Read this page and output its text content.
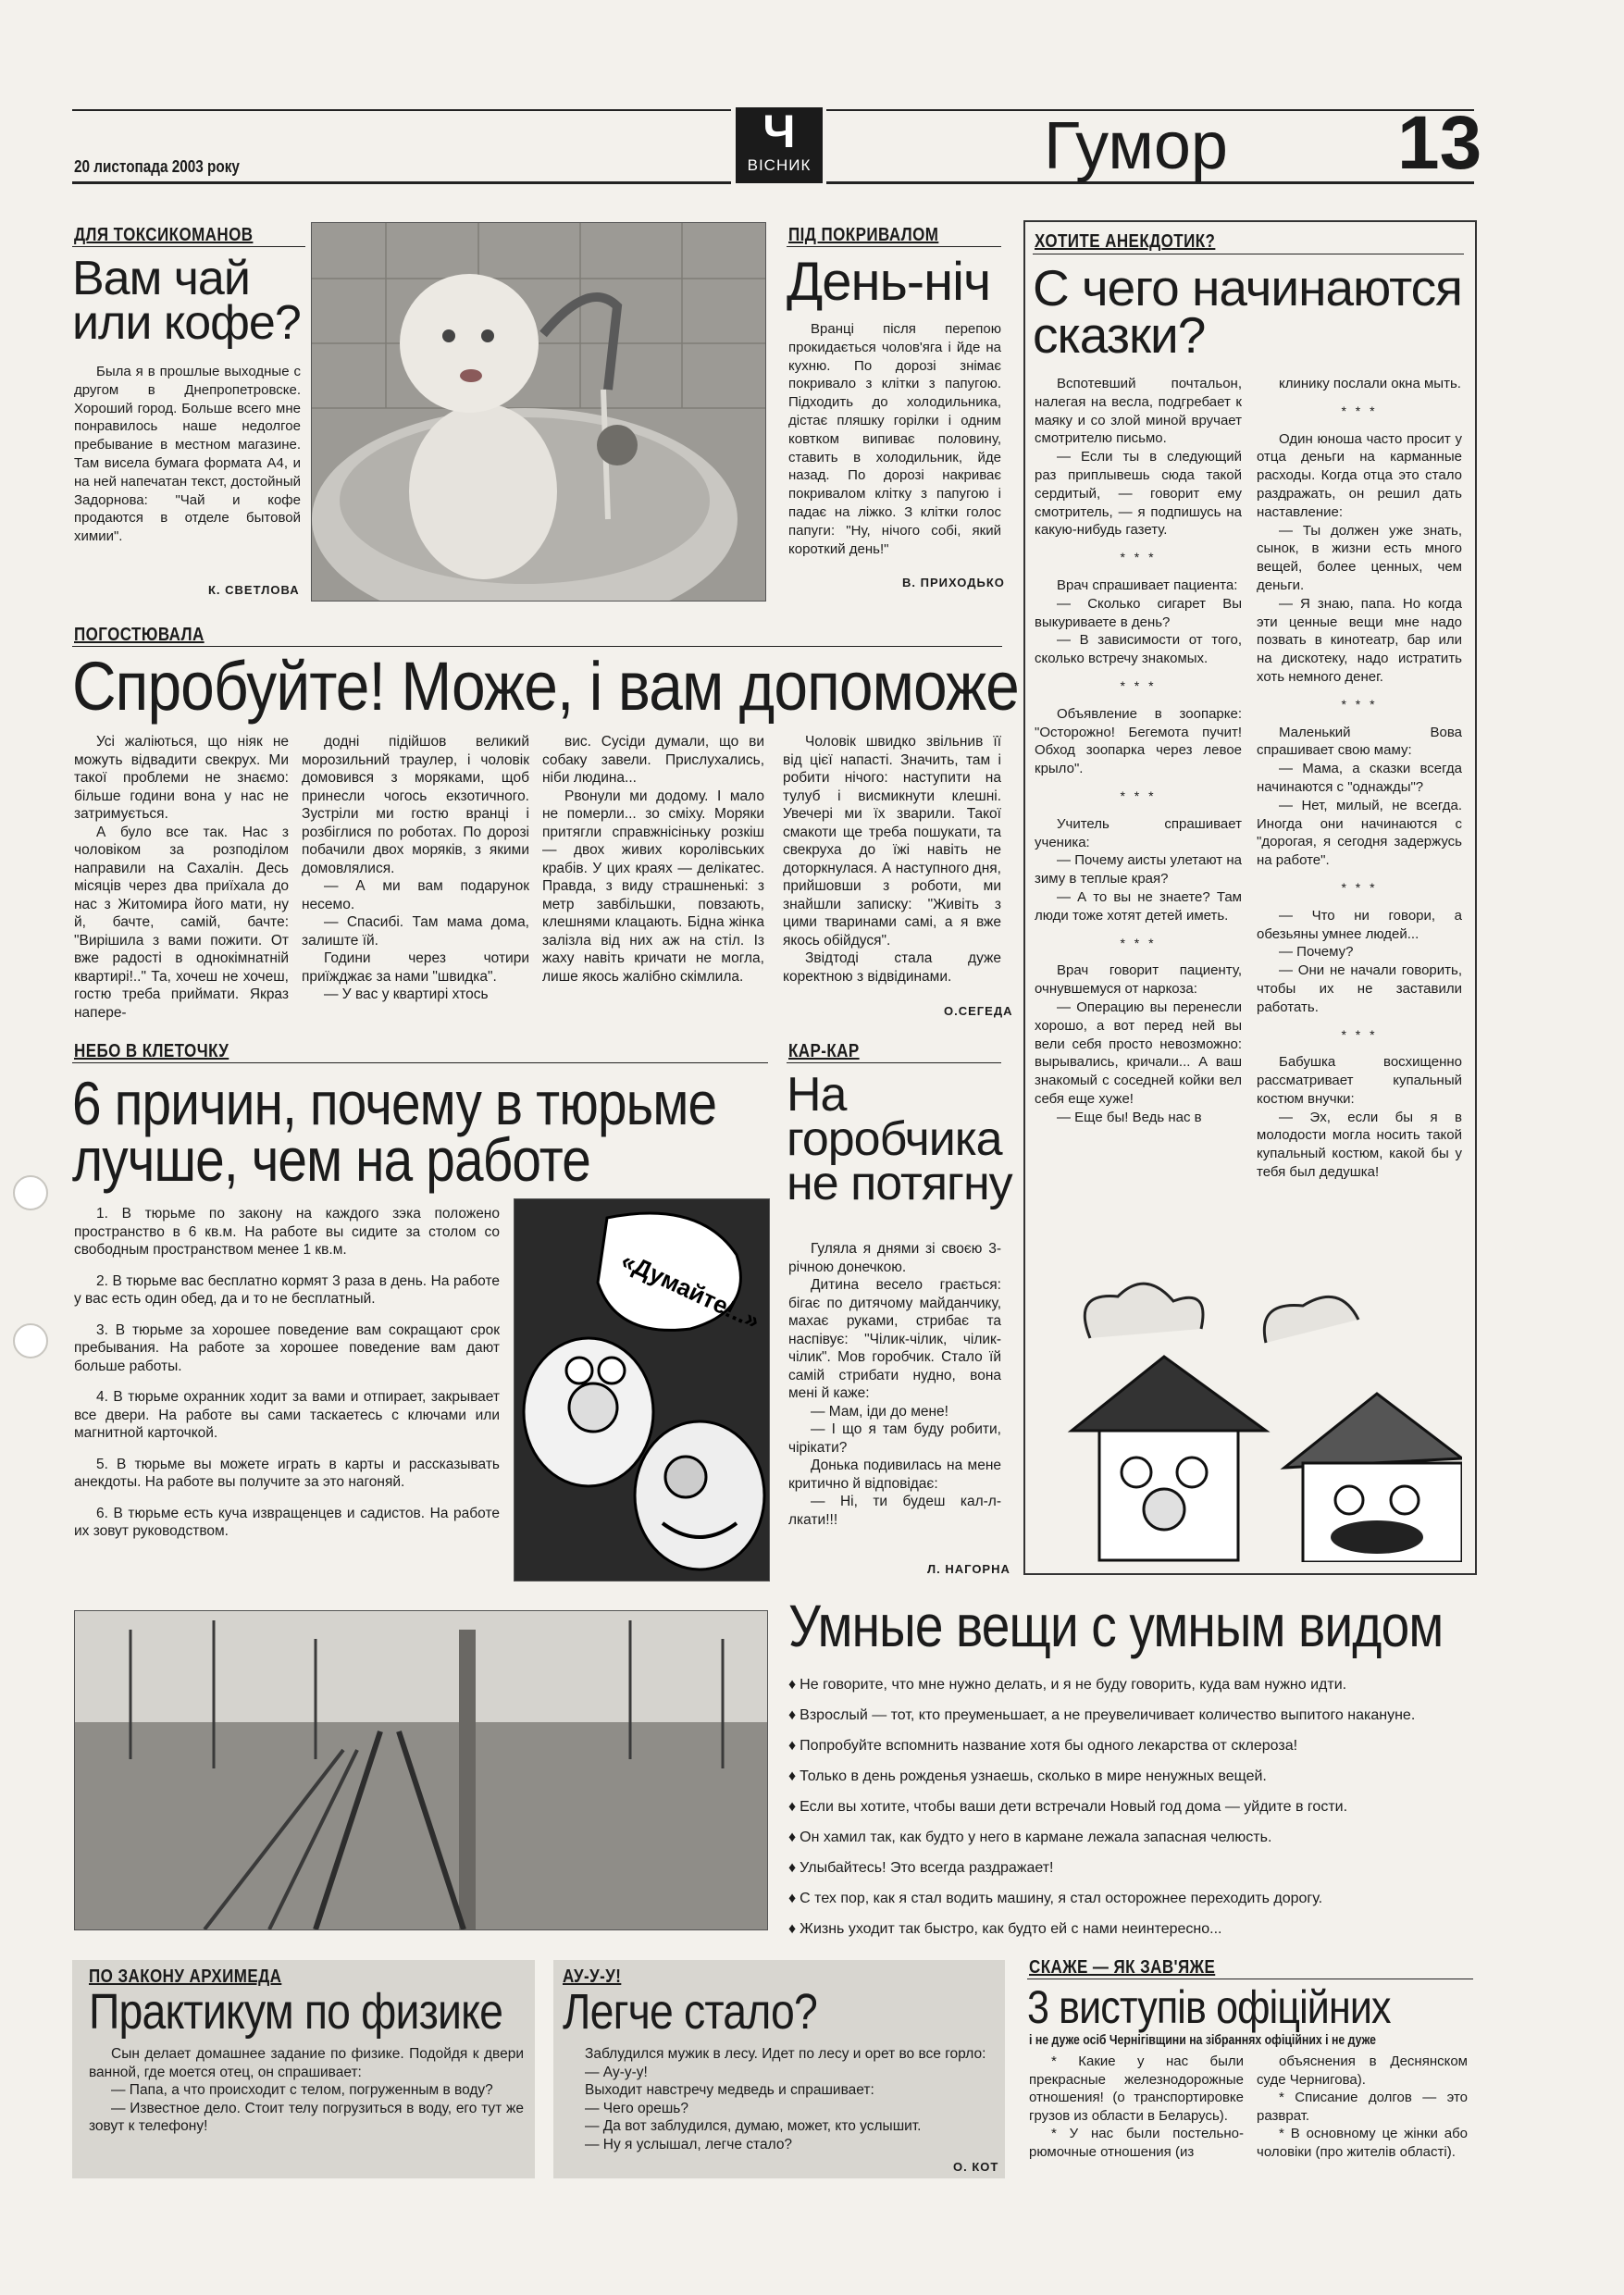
20 листопада 2003 року
Ч
ВІСНИК	Гумор 13
ДЛЯ ТОКСИКОМАНОВ
Вам чай
или кофе?

Была я в прошлые выходные с другом в Днепропетровске. Хороший город. Больше всего мне понравилось наше недолгое пребывание в местном магазине. Там висела бумага формата А4, и на ней напечатан текст, достойный Задорнова: "Чай и кофе продаются в отделе бытовой химии".

К. СВЕТЛОВА
ПІД ПОКРИВАЛОМ
День-ніч

Вранці після перепою прокидається чолов'яга і йде на кухню. По дорозі знімає покривало з клітки з папугою. Підходить до холодильника, дістає пляшку горілки і одним ковтком випиває половину, ставить в холодильник, йде назад. По дорозі накриває покривалом клітку з папугою і падає на ліжко. З клітки голос папуги: "Ну, нічого собі, який короткий день!"

В. ПРИХОДЬКО
ХОТИТЕ АНЕКДОТИК?
С чего начинаются
сказки?

Вспотевший почтальон, налегая на весла, подгребает к маяку и со злой миной вручает смотрителю письмо.

— Если ты в следующий раз приплывешь сюда такой сердитый, — говорит ему смотритель, — я подпишусь на какую-нибудь газету.

* * *

Врач спрашивает пациента:

— Сколько сигарет Вы выкуриваете в день?

— В зависимости от того, сколько встречу знакомых.

* * *

Объявление в зоопарке: "Осторожно! Бегемота пучит! Обход зоопарка через левое крыло".

* * *

Учитель спрашивает ученика:

— Почему аисты улетают на зиму в теплые края?

— А то вы не знаете? Там люди тоже хотят детей иметь.

* * *

Врач говорит пациенту, очнувшемуся от наркоза:

— Операцию вы перенесли хорошо, а вот перед ней вы вели себя просто невозможно: вырывались, кричали... А ваш знакомый с соседней койки вел себя еще хуже!

— Еще бы! Ведь нас в

клинику послали окна мыть.

* * *

Один юноша часто просит у отца деньги на карманные расходы. Когда отца это стало раздражать, он решил дать наставление:

— Ты должен уже знать, сынок, в жизни есть много вещей, более ценных, чем деньги.

— Я знаю, папа. Но когда эти ценные вещи мне надо позвать в кинотеатр, бар или на дискотеку, надо истратить хоть немного денег.

* * *

Маленький Вова спрашивает свою маму:

— Мама, а сказки всегда начинаются с "однажды"?

— Нет, милый, не всегда. Иногда они начинаются с "дорогая, я сегодня задержусь на работе".

* * *

— Что ни говори, а обезьяны умнее людей...

— Почему?

— Они не начали говорить, чтобы их не заставили работать.

* * *

Бабушка восхищенно рассматривает купальный костюм внучки:

— Эх, если бы я в молодости могла носить такой купальный костюм, какой бы у тебя был дедушка!

ПОГОСТЮВАЛА
Спробуйте! Може, і вам допоможе

Усі жаліються, що ніяк не можуть відвадити свекрух. Ми такої проблеми не знаємо: більше години вона у нас не затримується.

А було все так. Нас з чоловіком за розподілом направили на Сахалін. Десь місяців через два приїхала до нас з Житомира його мати, ну й, бачте, самій, бачте: "Вирішила з вами пожити. От вже радості в однокімнатній квартирі!.." Та, хочеш не хочеш, гостю треба приймати. Якраз напере-

додні підійшов великий морозильний траулер, і чоловік домовився з моряками, щоб принесли чогось екзотичного. Зустріли ми гостю вранці і розбіглися по роботах. По дорозі побачили двох моряків, з якими домовлялися.

— А ми вам подарунок несемо.

— Спасибі. Там мама дома, залиште їй.

Години через чотири приїжджає за нами "швидка".

— У вас у квартирі хтось

вис. Сусіди думали, що ви собаку завели. Прислухались, ніби людина...

Рвонули ми додому. І мало не померли... зо сміху. Моряки притягли справжнісіньку розкіш — двох живих королівських крабів. У цих краях — делікатес. Правда, з виду страшненькі: з метр завбільшки, повзають, клешнями клацають. Бідна жінка залізла від них аж на стіл. Із жаху навіть кричати не могла, лише якось жалібно скімлила.

Чоловік швидко звільнив її від цієї напасті. Значить, там і робити нічого: наступити на тулуб і висмикнути клешні. Увечері ми їх зварили. Такої смакоти ще треба пошукати, та свекруха до їжі навіть не доторкнулася. А наступного дня, прийшовши з роботи, ми знайшли записку: "Живіть з цими тваринами самі, а я вже якось обійдуся".

Звідтоді стала дуже коректною з відвідинами.

О.СЕГЕДА
НЕБО В КЛЕТОЧКУ
6 причин, почему в тюрьме
лучше, чем на работе

1. В тюрьме по закону на каждого зэка положено пространство в 6 кв.м. На работе вы сидите за столом со свободным пространством менее 1 кв.м.

2. В тюрьме вас бесплатно кормят 3 раза в день. На работе у вас есть один обед, да и то не бесплатный.

3. В тюрьме за хорошее поведение вам сокращают срок пребывания. На работе за хорошее поведение вам дают больше работы.

4. В тюрьме охранник ходит за вами и отпирает, закрывает все двери. На работе вы сами таскаетесь с ключами или магнитной карточкой.

5. В тюрьме вы можете играть в карты и рассказывать анекдоты. На работе вы получите за это нагоняй.

6. В тюрьме есть куча извращенцев и садистов. На работе их зовут руководством.

«Думайте!..»
КАР-КАР
На
горобчика
не потягну

Гуляла я днями зі своєю 3-річною донечкою.

Дитина весело грається: бігає по дитячому майданчику, махає руками, стрибає та наспівує: "Чілик-чілик, чілик-чілик". Мов горобчик. Стало їй самій стрибати нудно, вона мені й каже:

— Мам, іди до мене!

— І що я там буду робити, чірікати?

Донька подивилась на мене критично й відповідає:

— Ні, ти будеш кал-л-лкати!!!

Л. НАГОРНА
Умные вещи с умным видом
♦ Не говорите, что мне нужно делать, и я не буду говорить, куда вам нужно идти.
♦ Взрослый — тот, кто преуменьшает, а не преувеличивает количество выпитого накануне.
♦ Попробуйте вспомнить название хотя бы одного лекарства от склероза!
♦ Только в день рожденья узнаешь, сколько в мире ненужных вещей.
♦ Если вы хотите, чтобы ваши дети встречали Новый год дома — уйдите в гости.
♦ Он хамил так, как будто у него в кармане лежала запасная челюсть.
♦ Улыбайтесь! Это всегда раздражает!
♦ С тех пор, как я стал водить машину, я стал осторожнее переходить дорогу.
♦ Жизнь уходит так быстро, как будто ей с нами неинтересно...
ПО ЗАКОНУ АРХИМЕДА
Практикум по физике

Сын делает домашнее задание по физике. Подойдя к двери ванной, где моется отец, он спрашивает:

— Папа, а что происходит с телом, погруженным в воду?

— Известное дело. Стоит телу погрузиться в воду, его тут же зовут к телефону!

АУ-У-У!
Легче стало?

Заблудился мужик в лесу. Идет по лесу и орет во все горло:

— Ау-у-у!

Выходит навстречу медведь и спрашивает:

— Чего орешь?

— Да вот заблудился, думаю, может, кто услышит.

— Ну я услышал, легче стало?

О. КОТ
СКАЖЕ — ЯК ЗАВ'ЯЖЕ
3 виступів офіційних
і не дуже осіб Чернігівщини на зібраннях офіційних і не дуже

* Какие у нас были прекрасные железнодорожные отношения! (о транспортировке грузов из области в Беларусь).

* У нас были постельно-рюмочные отношения (из

объяснения в Деснянском суде Чернигова).

* Списание долгов — это разврат.

* В основному це жінки або чоловіки (про жителів області).
